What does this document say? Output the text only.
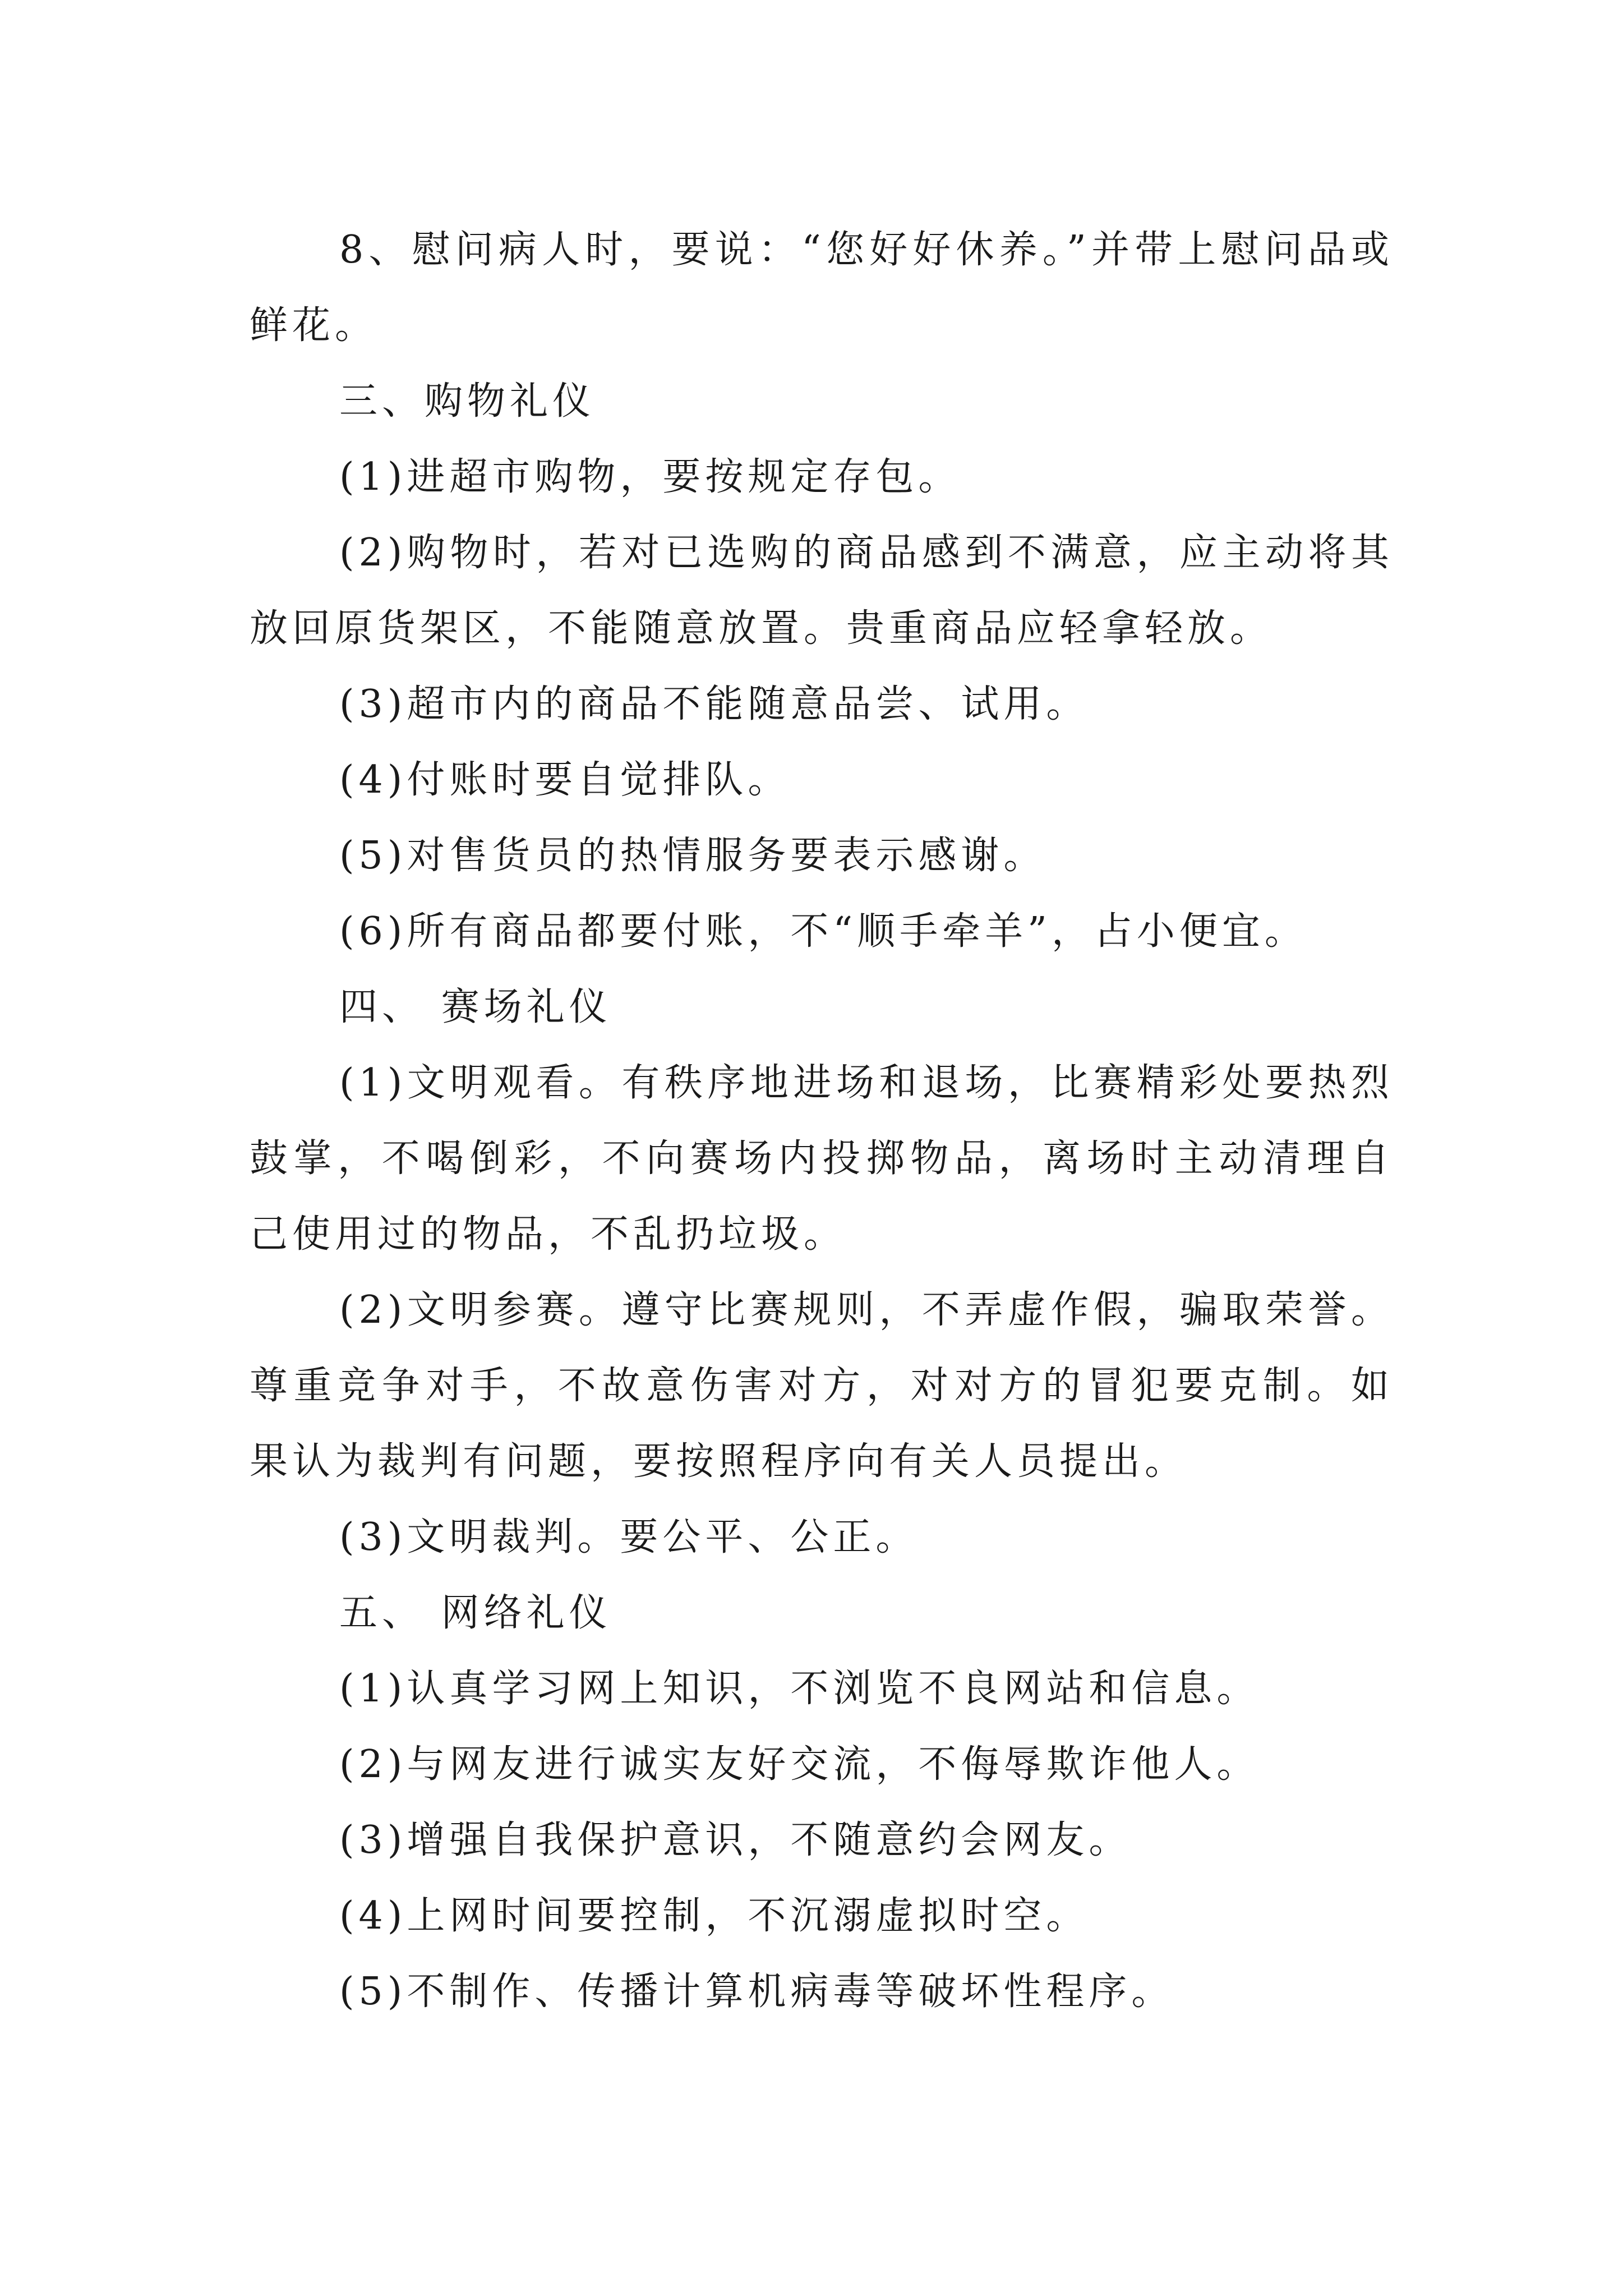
8、慰问病人时，要说：“您好好休养。”并带上慰问品或鲜花。

三、购物礼仪

(1)进超市购物，要按规定存包。

(2)购物时，若对已选购的商品感到不满意，应主动将其放回原货架区，不能随意放置。贵重商品应轻拿轻放。

(3)超市内的商品不能随意品尝、试用。

(4)付账时要自觉排队。

(5)对售货员的热情服务要表示感谢。

(6)所有商品都要付账，不“顺手牵羊”，占小便宜。

四、 赛场礼仪

(1)文明观看。有秩序地进场和退场，比赛精彩处要热烈鼓掌，不喝倒彩，不向赛场内投掷物品，离场时主动清理自己使用过的物品，不乱扔垃圾。

(2)文明参赛。遵守比赛规则，不弄虚作假，骗取荣誉。尊重竞争对手，不故意伤害对方，对对方的冒犯要克制。如果认为裁判有问题，要按照程序向有关人员提出。

(3)文明裁判。要公平、公正。

五、 网络礼仪

(1)认真学习网上知识，不浏览不良网站和信息。

(2)与网友进行诚实友好交流，不侮辱欺诈他人。

(3)增强自我保护意识，不随意约会网友。

(4)上网时间要控制，不沉溺虚拟时空。

(5)不制作、传播计算机病毒等破坏性程序。
